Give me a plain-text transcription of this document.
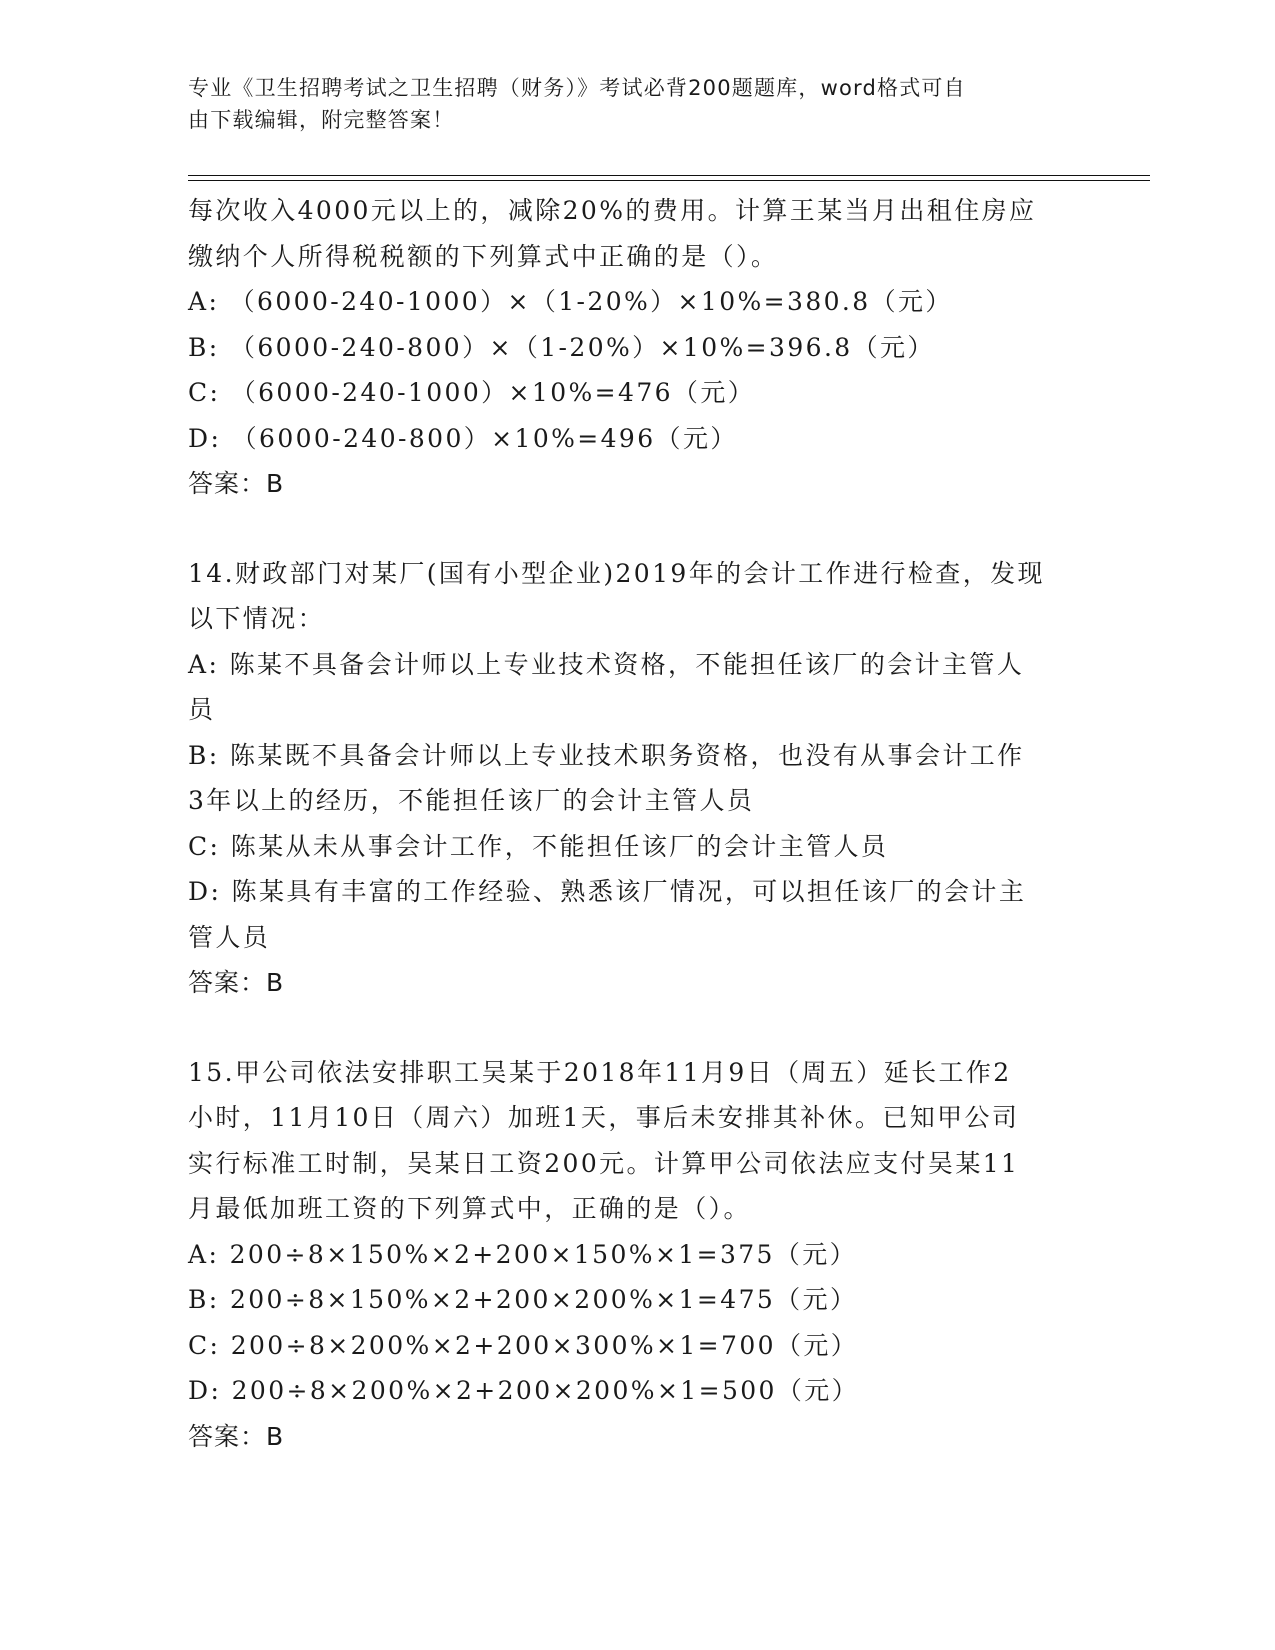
专业《卫生招聘考试之卫生招聘（财务）》考试必背200题题库，word格式可自
由下载编辑，附完整答案！
每次收入4000元以上的，减除20%的费用。计算王某当月出租住房应
缴纳个人所得税税额的下列算式中正确的是（）。
A: （6000-240-1000）×（1-20%）×10%=380.8（元）
B: （6000-240-800）×（1-20%）×10%=396.8（元）
C: （6000-240-1000）×10%=476（元）
D: （6000-240-800）×10%=496（元）
答案：B
14.财政部门对某厂(国有小型企业)2019年的会计工作进行检查，发现
以下情况：
A: 陈某不具备会计师以上专业技术资格，不能担任该厂的会计主管人
员
B: 陈某既不具备会计师以上专业技术职务资格，也没有从事会计工作
3年以上的经历，不能担任该厂的会计主管人员
C: 陈某从未从事会计工作，不能担任该厂的会计主管人员
D: 陈某具有丰富的工作经验、熟悉该厂情况，可以担任该厂的会计主
管人员
答案：B
15.甲公司依法安排职工吴某于2018年11月9日（周五）延长工作2
小时，11月10日（周六）加班1天，事后未安排其补休。已知甲公司
实行标准工时制，吴某日工资200元。计算甲公司依法应支付吴某11
月最低加班工资的下列算式中，正确的是（）。
A: 200÷8×150%×2+200×150%×1=375（元）
B: 200÷8×150%×2+200×200%×1=475（元）
C: 200÷8×200%×2+200×300%×1=700（元）
D: 200÷8×200%×2+200×200%×1=500（元）
答案：B
